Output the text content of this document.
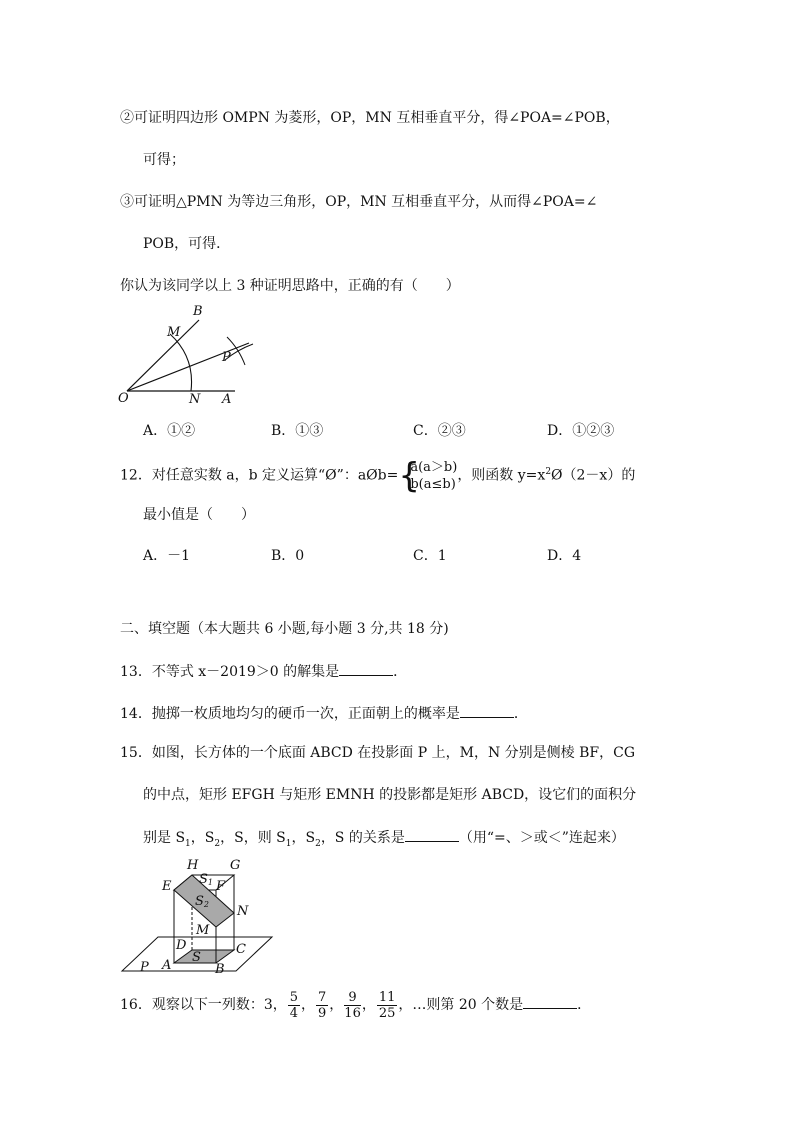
②可证明四边形 OMPN 为菱形，OP，MN 互相垂直平分，得∠POA=∠POB，
可得；
③可证明△PMN 为等边三角形，OP，MN 互相垂直平分，从而得∠POA=∠
POB，可得．
你认为该同学以上 3 种证明思路中，正确的有（　　）
B
M
P
O	N A
A．①②	B．①③	C．②③	D．①②③
12．对任意实数 a，b 定义运算“Ø”：aØb= {
a(a＞b)
b(a≤b)
，则函数 $y=x^2Ø(2-x)$的
最小值是（　　）
A．－1	B．0	C．1	D．4
二、填空题（本大题共 6 小题,每小题 3 分,共 18 分)
13．不等式 x－2019＞0 的解集是	．
14．抛掷一枚质地均匀的硬币一次，正面朝上的概率是	．
15．如图，长方体的一个底面 ABCD 在投影面 P 上，M，N 分别是侧棱 BF，CG
的中点，矩形 EFGH 与矩形 EMNH 的投影都是矩形 ABCD，设它们的面积分
别是 $S_1$，$S_2$，S，则 $S_1$，$S_2$，S 的关系是	（用“=、＞或＜”连起来）
H G
E S1 F
S2 N
M
D	C
A
S
B
P
16．观察以下一列数：3， $\frac{5}{4}$ ， $\frac{7}{9}$ ， $\frac{9}{16}$ ， $\frac{11}{25}$ ，…则第 20 个数是	．
